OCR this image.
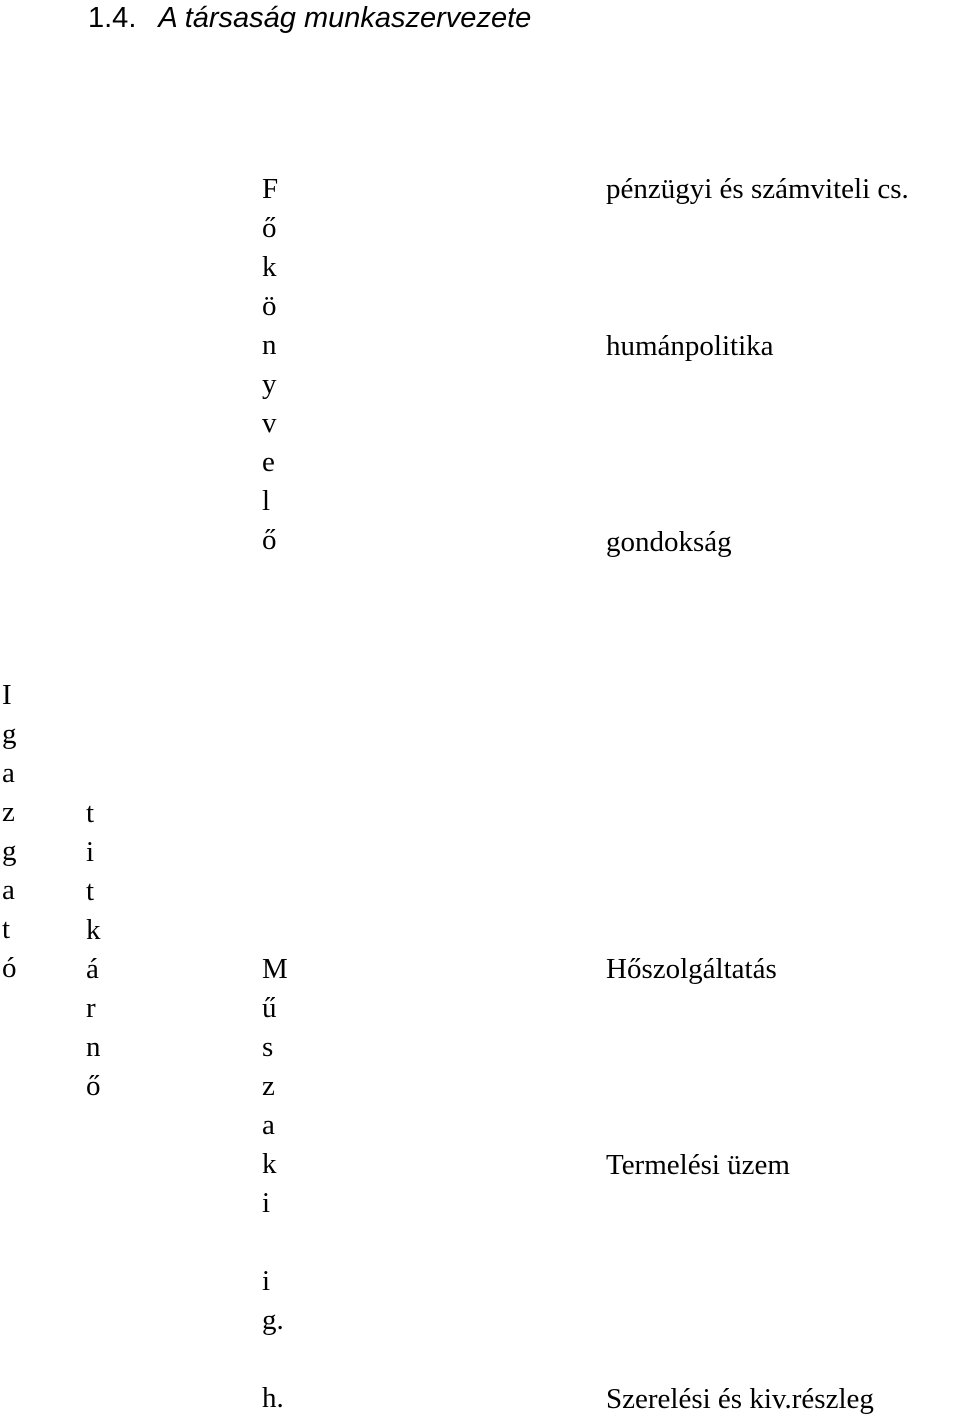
1.4. A társaság munkaszervezete
F
ő
k
ö
n
y
v
e
l
ő
I
g
a
z
g
a
t
ó
t
i
t
k
á
r
n
ő
M
ű
s
z
a
k
i
i
g.
h.
pénzügyi és számviteli cs.
humánpolitika
gondokság
Hőszolgáltatás
Termelési üzem
Szerelési és kiv.részleg
